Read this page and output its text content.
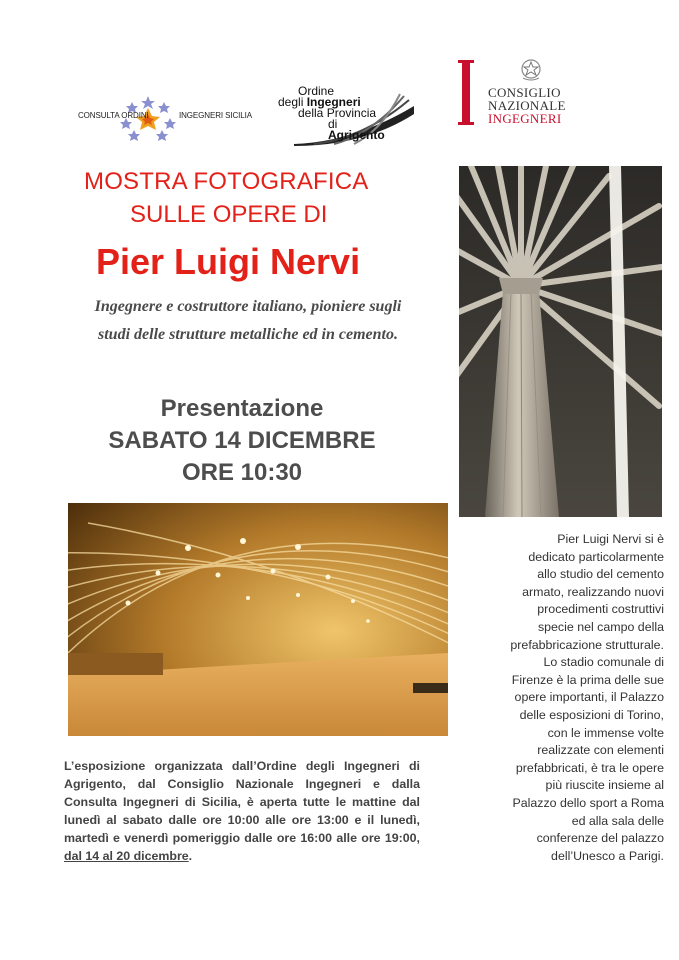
CONSULTA ORDINI	INGEGNERI SICILIA
Ordine
degli Ingegneri
della Provincia
di Agrigento
CONSIGLIO
NAZIONALE
INGEGNERI
MOSTRA FOTOGRAFICA
SULLE OPERE DI
Pier Luigi Nervi
Ingegnere e costruttore italiano, pioniere sugli
studi delle strutture metalliche ed in cemento.
Presentazione
SABATO 14 DICEMBRE
ORE 10:30
Pier Luigi Nervi si è
dedicato particolarmente
allo studio del cemento
armato, realizzando nuovi
procedimenti costruttivi
specie nel campo della
prefabbricazione strutturale.
Lo stadio comunale di
Firenze è la prima delle sue
opere importanti, il Palazzo
delle esposizioni di Torino,
con le immense volte
realizzate con elementi
prefabbricati, è tra le opere
più riuscite insieme al
Palazzo dello sport a Roma
ed alla sala delle
conferenze del palazzo
dell’Unesco a Parigi.
L’esposizione organizzata dall’Ordine degli Ingegneri di Agrigento, dal Consiglio Nazionale Ingegneri e dalla Consulta Ingegneri di Sicilia, è aperta tutte le mattine dal lunedì al sabato dalle ore 10:00 alle ore 13:00 e il lunedì, martedì e venerdì pomeriggio dalle ore 16:00 alle ore 19:00, dal 14 al 20 dicembre.
